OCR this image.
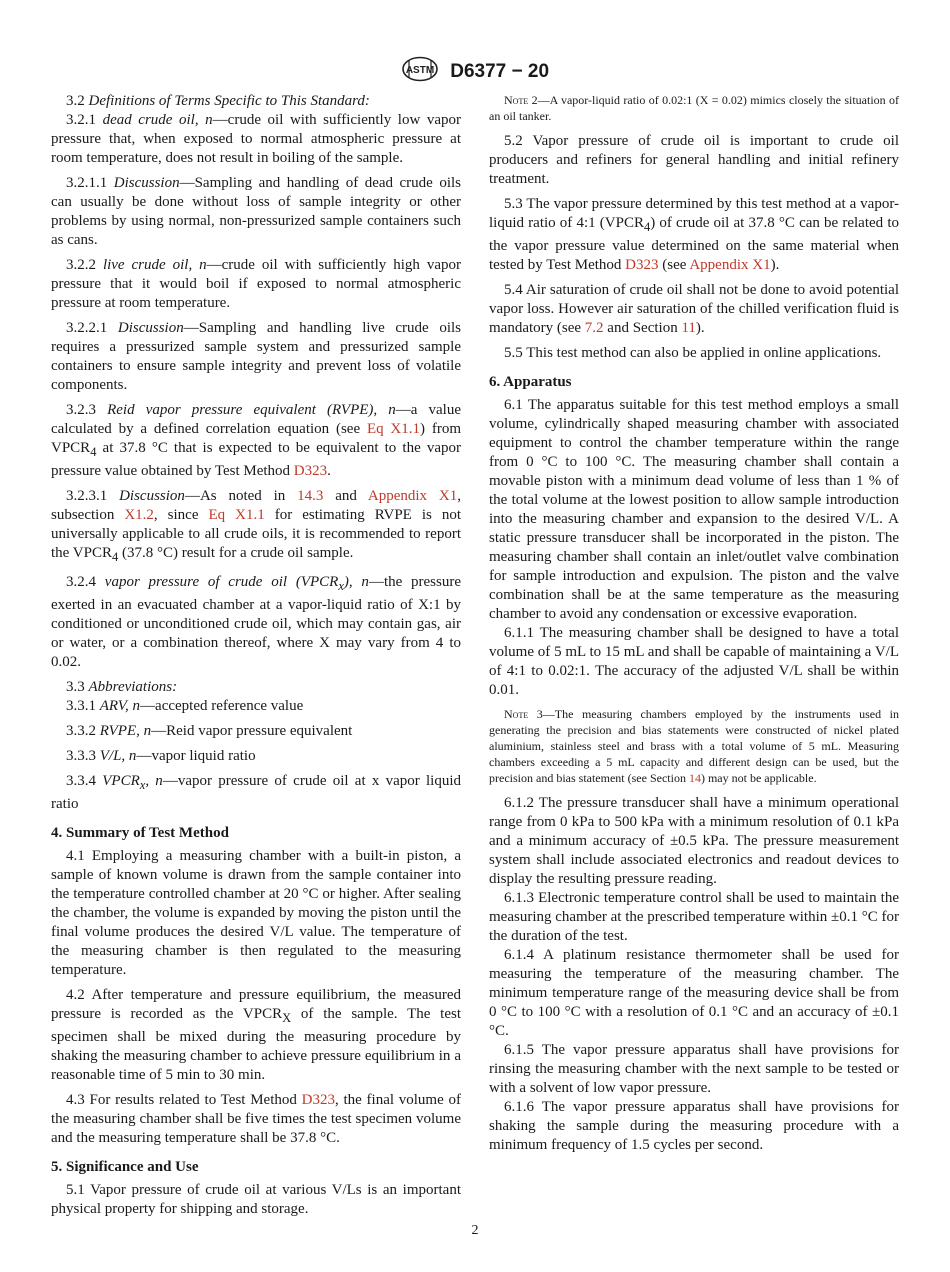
ASTM D6377 − 20

3.2 Definitions of Terms Specific to This Standard:

3.2.1 dead crude oil, n—crude oil with sufficiently low vapor pressure that, when exposed to normal atmospheric pressure at room temperature, does not result in boiling of the sample.

3.2.1.1 Discussion—Sampling and handling of dead crude oils can usually be done without loss of sample integrity or other problems by using normal, non-pressurized sample containers such as cans.

3.2.2 live crude oil, n—crude oil with sufficiently high vapor pressure that it would boil if exposed to normal atmospheric pressure at room temperature.

3.2.2.1 Discussion—Sampling and handling live crude oils requires a pressurized sample system and pressurized sample containers to ensure sample integrity and prevent loss of volatile components.

3.2.3 Reid vapor pressure equivalent (RVPE), n—a value calculated by a defined correlation equation (see Eq X1.1) from $VPCR_4$ at 37.8 °C that is expected to be equivalent to the vapor pressure value obtained by Test Method D323.

3.2.3.1 Discussion—As noted in 14.3 and Appendix X1, subsection X1.2, since Eq X1.1 for estimating RVPE is not universally applicable to all crude oils, it is recommended to report the $VPCR_4$ (37.8 °C) result for a crude oil sample.

3.2.4 vapor pressure of crude oil $(VPCR_x)$, n—the pressure exerted in an evacuated chamber at a vapor-liquid ratio of X:1 by conditioned or unconditioned crude oil, which may contain gas, air or water, or a combination thereof, where X may vary from 4 to 0.02.

3.3 Abbreviations:

3.3.1 ARV, n—accepted reference value

3.3.2 RVPE, n—Reid vapor pressure equivalent

3.3.3 V/L, n—vapor liquid ratio

3.3.4 $VPCR_x$, n—vapor pressure of crude oil at x vapor liquid ratio

4. Summary of Test Method

4.1 Employing a measuring chamber with a built-in piston, a sample of known volume is drawn from the sample container into the temperature controlled chamber at 20 °C or higher. After sealing the chamber, the volume is expanded by moving the piston until the final volume produces the desired V/L value. The temperature of the measuring chamber is then regulated to the measuring temperature.

4.2 After temperature and pressure equilibrium, the measured pressure is recorded as the $VPCR_X$ of the sample. The test specimen shall be mixed during the measuring procedure by shaking the measuring chamber to achieve pressure equilibrium in a reasonable time of 5 min to 30 min.

4.3 For results related to Test Method D323, the final volume of the measuring chamber shall be five times the test specimen volume and the measuring temperature shall be 37.8 °C.

5. Significance and Use

5.1 Vapor pressure of crude oil at various V/Ls is an important physical property for shipping and storage.

Note 2—A vapor-liquid ratio of 0.02:1 (X = 0.02) mimics closely the situation of an oil tanker.

5.2 Vapor pressure of crude oil is important to crude oil producers and refiners for general handling and initial refinery treatment.

5.3 The vapor pressure determined by this test method at a vapor-liquid ratio of 4:1 $(VPCR_4)$ of crude oil at 37.8 °C can be related to the vapor pressure value determined on the same material when tested by Test Method D323 (see Appendix X1).

5.4 Air saturation of crude oil shall not be done to avoid potential vapor loss. However air saturation of the chilled verification fluid is mandatory (see 7.2 and Section 11).

5.5 This test method can also be applied in online applications.

6. Apparatus

6.1 The apparatus suitable for this test method employs a small volume, cylindrically shaped measuring chamber with associated equipment to control the chamber temperature within the range from 0 °C to 100 °C. The measuring chamber shall contain a movable piston with a minimum dead volume of less than 1 % of the total volume at the lowest position to allow sample introduction into the measuring chamber and expansion to the desired V/L. A static pressure transducer shall be incorporated in the piston. The measuring chamber shall contain an inlet/outlet valve combination for sample introduction and expulsion. The piston and the valve combination shall be at the same temperature as the measuring chamber to avoid any condensation or excessive evaporation.

6.1.1 The measuring chamber shall be designed to have a total volume of 5 mL to 15 mL and shall be capable of maintaining a V/L of 4:1 to 0.02:1. The accuracy of the adjusted V/L shall be within 0.01.

Note 3—The measuring chambers employed by the instruments used in generating the precision and bias statements were constructed of nickel plated aluminium, stainless steel and brass with a total volume of 5 mL. Measuring chambers exceeding a 5 mL capacity and different design can be used, but the precision and bias statement (see Section 14) may not be applicable.

6.1.2 The pressure transducer shall have a minimum operational range from 0 kPa to 500 kPa with a minimum resolution of 0.1 kPa and a minimum accuracy of ±0.5 kPa. The pressure measurement system shall include associated electronics and readout devices to display the resulting pressure reading.

6.1.3 Electronic temperature control shall be used to maintain the measuring chamber at the prescribed temperature within ±0.1 °C for the duration of the test.

6.1.4 A platinum resistance thermometer shall be used for measuring the temperature of the measuring chamber. The minimum temperature range of the measuring device shall be from 0 °C to 100 °C with a resolution of 0.1 °C and an accuracy of ±0.1 °C.

6.1.5 The vapor pressure apparatus shall have provisions for rinsing the measuring chamber with the next sample to be tested or with a solvent of low vapor pressure.

6.1.6 The vapor pressure apparatus shall have provisions for shaking the sample during the measuring procedure with a minimum frequency of 1.5 cycles per second.

2
